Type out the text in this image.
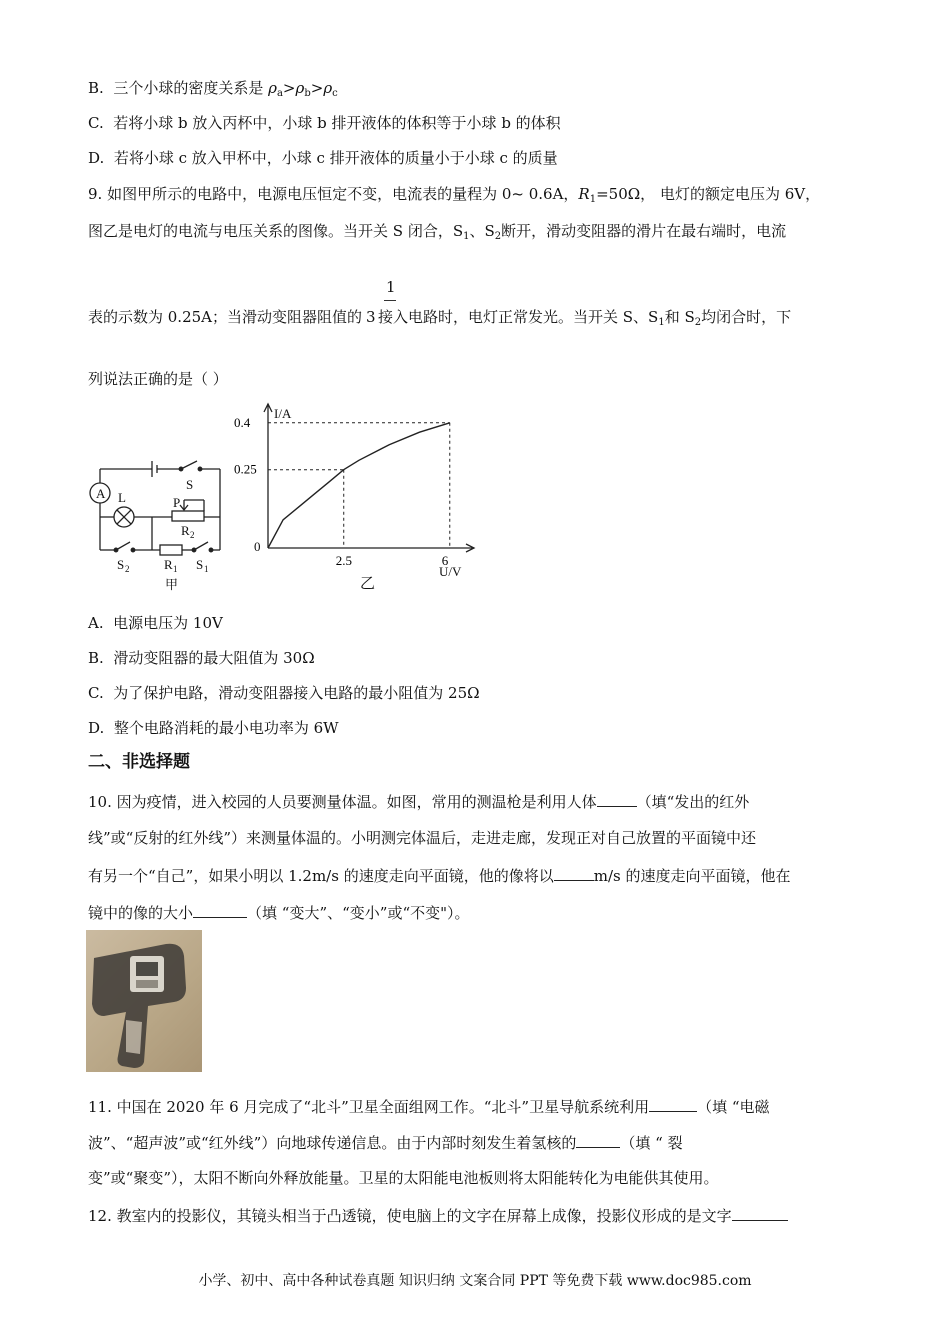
B. 三个小球的密度关系是 $\rho_a>\rho_b>\rho_c$
C. 若将小球 b 放入丙杯中，小球 b 排开液体的体积等于小球 b 的体积
D. 若将小球 c 放入甲杯中，小球 c 排开液体的质量小于小球 c 的质量
9. 如图甲所示的电路中，电源电压恒定不变，电流表的量程为 0~ 0.6A，$R_1=50\Omega$， 电灯的额定电压为 6V，
图乙是电灯的电流与电压关系的图像。当开关 S 闭合，$S_1$、$S_2$断开，滑动变阻器的滑片在最右端时，电流
1
表的示数为 0.25A；当滑动变阻器阻值的 3 接入电路时，电灯正常发光。当开关 S、$S_1$和 $S_2$均闭合时，下
列说法正确的是（ ）
A L
S
P
R 2
R 1 S 1
S 2
甲
0.4
0.25
2.5	6
I/A
U/V
0
乙
A. 电源电压为 10V
B. 滑动变阻器的最大阻值为 30Ω
C. 为了保护电路，滑动变阻器接入电路的最小阻值为 25Ω
D. 整个电路消耗的最小电功率为 6W
二、非选择题
10. 因为疫情，进入校园的人员要测量体温。如图，常用的测温枪是利用人体	（填“发出的红外
线”或“反射的红外线”）来测量体温的。小明测完体温后，走进走廊，发现正对自己放置的平面镜中还
有另一个“自己”，如果小明以 1.2m/s 的速度走向平面镜，他的像将以	m/s 的速度走向平面镜，他在
镜中的像的大小	（填 “变大”、“变小”或“不变"）。
11. 中国在 2020 年 6 月完成了“北斗”卫星全面组网工作。“北斗”卫星导航系统利用	（填 “电磁
波”、“超声波”或“红外线”）向地球传递信息。由于内部时刻发生着氢核的	（填 “ 裂
变”或“聚变”），太阳不断向外释放能量。卫星的太阳能电池板则将太阳能转化为电能供其使用。
12. 教室内的投影仪，其镜头相当于凸透镜，使电脑上的文字在屏幕上成像，投影仪形成的是文字
小学、初中、高中各种试卷真题 知识归纳 文案合同 PPT 等免费下载 www.doc985.com
